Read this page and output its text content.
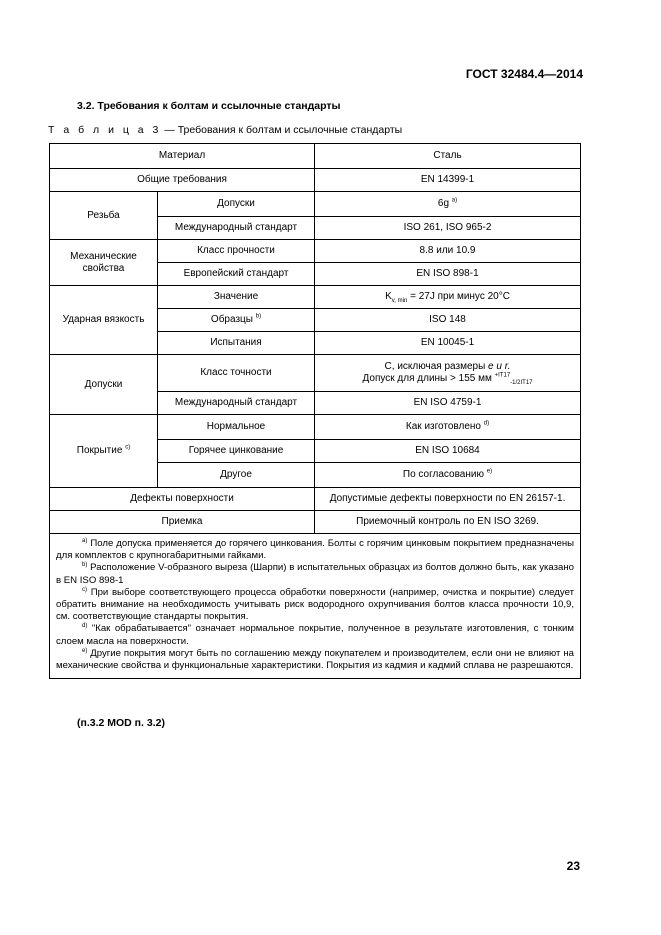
ГОСТ 32484.4—2014
3.2. Требования к болтам и ссылочные стандарты
Т а б л и ц а 3 — Требования к болтам и ссылочные стандарты
Материал		Сталь
Общие требования		EN 14399-1
Резьба	Допуски	6g $^{a)}$
	Международный стандарт	ISO 261, ISO 965-2
Механические свойства	Класс прочности	8.8 или 10.9
	Европейский стандарт	EN ISO 898-1
Ударная вязкость	Значение	$K_{v, min} = 27J$ при минус 20°C
	Образцы $^{b)}$	ISO 148
	Испытания	EN 10045-1
Допуски	Класс точности	С, исключая размеры е и r.
Допуск для длины > 155 мм $^{+IT17}_{-1/2IT17}$

	Международный стандарт	EN ISO 4759-1
Покрытие $^{c)}$	Нормальное	Как изготовлено $^{d)}$
	Горячее цинкование	EN ISO 10684
	Другое	По согласованию $^{e)}$
Дефекты поверхности		Допустимые дефекты поверхности по EN 26157-1.
Приемка		Приемочный контроль по EN ISO 3269.

$^{a)}$ Поле допуска применяется до горячего цинкования. Болты с горячим цинковым покрытием предназначены для комплектов с крупногабаритными гайками.

$^{b)}$ Расположение V-образного выреза (Шарпи) в испытательных образцах из болтов должно быть, как указано в EN ISO 898-1

$^{c)}$ При выборе соответствующего процесса обработки поверхности (например, очистка и покрытие) следует обратить внимание на необходимость учитывать риск водородного охрупчивания болтов класса прочности 10,9, см. соответствующие стандарты покрытия.

$^{d)}$ "Как обрабатывается" означает нормальное покрытие, полученное в результате изготовления, с тонким слоем масла на поверхности.

$^{e)}$ Другие покрытия могут быть по соглашению между покупателем и производителем, если они не влияют на механические свойства и функциональные характеристики. Покрытия из кадмия и кадмий сплава не разрешаются.		

(п.3.2 MOD п. 3.2)
23
